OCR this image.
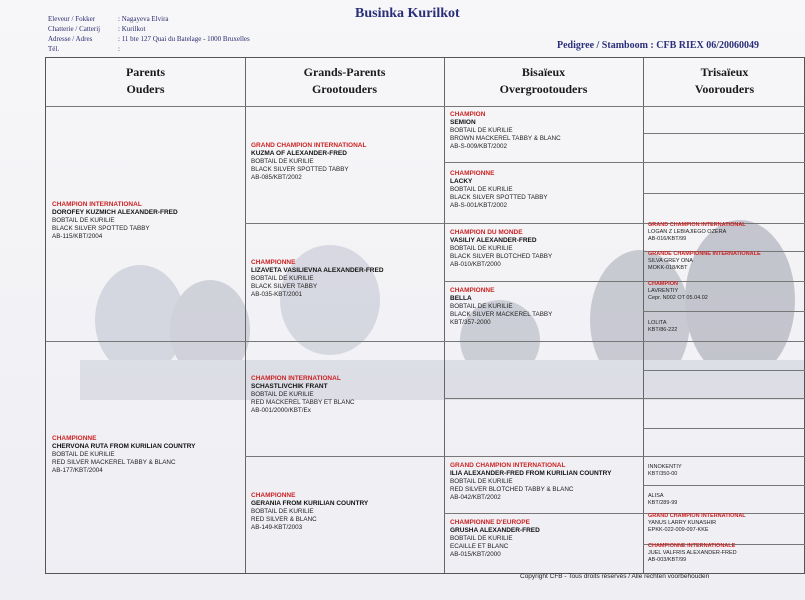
Eleveur / Fokker	: Nagayeva Elvira
Chatterie / Catterij	: Kurilkot
Adresse / Adres	: 11 bte 127 Quai du Batelage - 1000 Bruxelles
Tél.	:
Businka Kurilkot
Pedigree / Stamboom : CFB RIEX 06/20060049
Parents
Ouders
Grands-Parents
Grootouders
Bisaïeux
Overgrootouders
Trisaïeux
Voorouders
CHAMPION INTERNATIONAL
DOROFEY KUZMICH ALEXANDER-FRED
BOBTAIL DE KURILIE
BLACK SILVER SPOTTED TABBY
AB-115/KBT/2004
CHAMPIONNE
CHERVONA RUTA FROM KURILIAN COUNTRY
BOBTAIL DE KURILIE
RED SILVER MACKEREL TABBY & BLANC
AB-177/KBT/2004
GRAND CHAMPION INTERNATIONAL
KUZMA OF ALEXANDER-FRED
BOBTAIL DE KURILIE
BLACK SILVER SPOTTED TABBY
AB-085/KBT/2002
CHAMPIONNE
LIZAVETA VASILIEVNA ALEXANDER-FRED
BOBTAIL DE KURILIE
BLACK SILVER TABBY
AB-035-KBT/2001
CHAMPION INTERNATIONAL
SCHASTLIVCHIK FRANT
BOBTAIL DE KURILIE
RED MACKEREL TABBY ET BLANC
AB-001/2000/KBT/Ex
CHAMPIONNE
GERANIA FROM KURILIAN COUNTRY
BOBTAIL DE KURILIE
RED SILVER & BLANC
AB-149-KBT/2003
CHAMPION
SEMION
BOBTAIL DE KURILIE
BROWN MACKEREL TABBY & BLANC
AB-S-009/KBT/2002
CHAMPIONNE
LACKY
BOBTAIL DE KURILIE
BLACK SILVER SPOTTED TABBY
AB-S-001/KBT/2002
CHAMPION DU MONDE
VASILIY ALEXANDER-FRED
BOBTAIL DE KURILIE
BLACK SILVER BLOTCHED TABBY
AB-010/KBT/2000
CHAMPIONNE
BELLA
BOBTAIL DE KURILIE
BLACK SILVER MACKEREL TABBY
KBT/357-2000
GRAND CHAMPION INTERNATIONAL
ILIA ALEXANDER-FRED FROM KURILIAN COUNTRY
BOBTAIL DE KURILIE
RED SILVER BLOTCHED TABBY & BLANC
AB-042/KBT/2002
CHAMPIONNE D'EUROPE
GRUSHA ALEXANDER-FRED
BOBTAIL DE KURILIE
ECAILLE ET BLANC
AB-015/KBT/2000
GRAND CHAMPION INTERNATIONAL
LOGAN Z LEBIAJIEGO OZERA
AB-016/KBT/99
GRANDE CHAMPIONNE INTERNATIONALE
SILVA GREY ONA
MOKK-018/KBT
CHAMPION
LAVRENTIY
Cepr. N002 OT 05.04.02
LOLITA
KBT/86-222
INNOKENTIY
KBT/350-00
ALISA
KBT/289-99
GRAND CHAMPION INTERNATIONAL
YANUS LARRY KUNASHIR
EPKK-022-009-097-KKE
CHAMPIONNE INTERNATIONALE
JUEL VALFRIS ALEXANDER-FRED
AB-003/KBT/99
Copyright CFB - Tous droits réservés / Alle rechten voorbehouden
